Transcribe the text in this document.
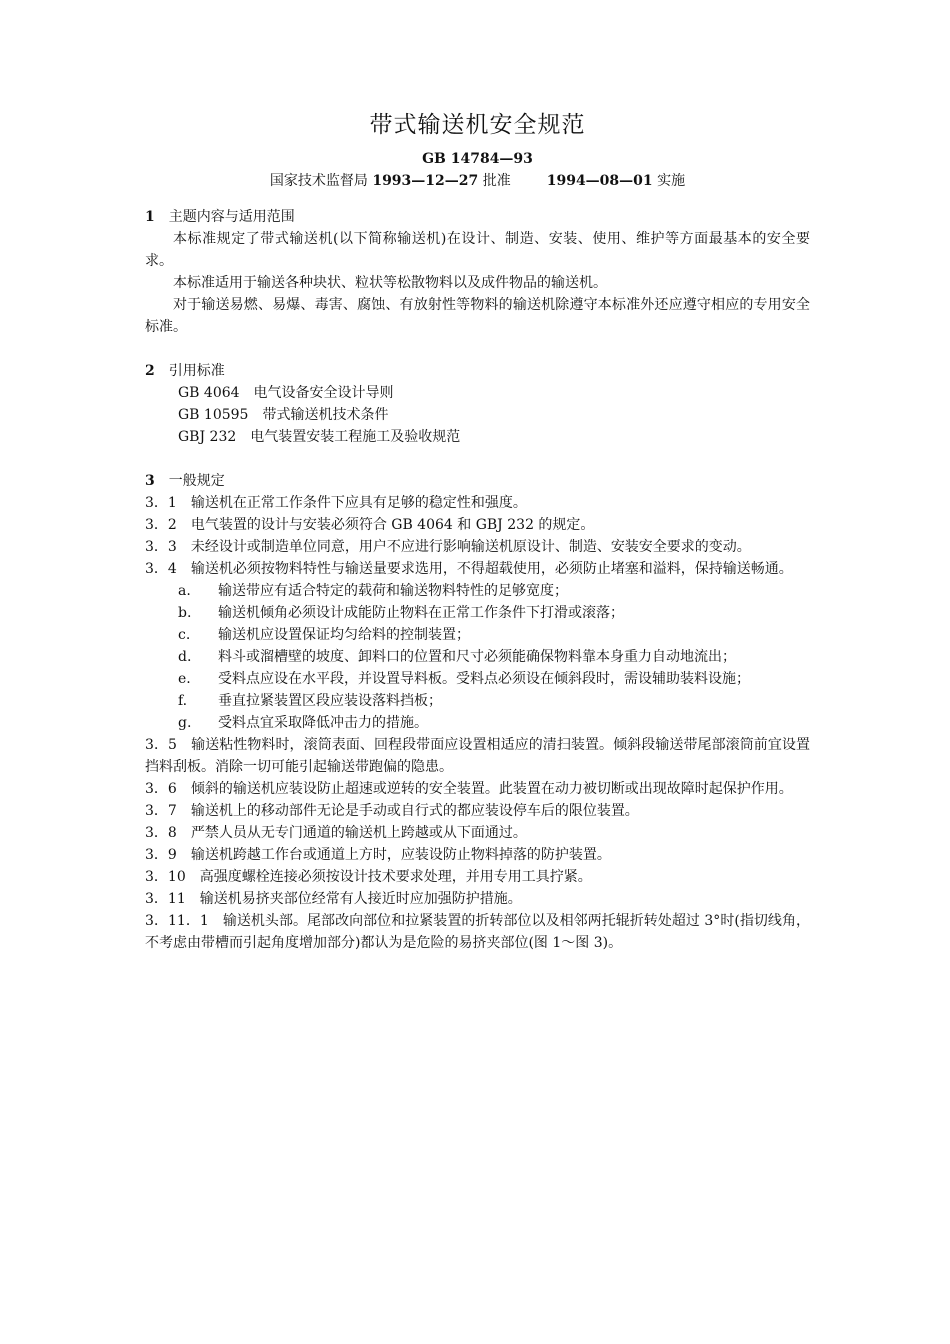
带式输送机安全规范

GB 14784—93

国家技术监督局 1993—12—27 批准	1994—08—01 实施

1　 主题内容与适用范围

本标准规定了带式输送机(以下简称输送机)在设计、制造、安装、使用、维护等方面最基本的安全要求。

本标准适用于输送各种块状、粒状等松散物料以及成件物品的输送机。

对于输送易燃、易爆、毒害、腐蚀、有放射性等物料的输送机除遵守本标准外还应遵守相应的专用安全标准。

2　 引用标准

GB 4064　电气设备安全设计导则

GB 10595　带式输送机技术条件

GBJ 232　电气装置安装工程施工及验收规范

3　 一般规定

3．1　输送机在正常工作条件下应具有足够的稳定性和强度。

3．2　电气装置的设计与安装必须符合 GB 4064 和 GBJ 232 的规定。

3．3　未经设计或制造单位同意，用户不应进行影响输送机原设计、制造、安装安全要求的变动。

3．4　输送机必须按物料特性与输送量要求选用，不得超载使用，必须防止堵塞和溢料，保持输送畅通。

a. 输送带应有适合特定的载荷和输送物料特性的足够宽度；

b. 输送机倾角必须设计成能防止物料在正常工作条件下打滑或滚落；

c. 输送机应设置保证均匀给料的控制装置；

d. 料斗或溜槽壁的坡度、卸料口的位置和尺寸必须能确保物料靠本身重力自动地流出；

e. 受料点应设在水平段，并设置导料板。受料点必须设在倾斜段时，需设辅助装料设施；

f. 垂直拉紧装置区段应装设落料挡板；

g. 受料点宜采取降低冲击力的措施。

3．5　输送粘性物料时，滚筒表面、回程段带面应设置相适应的清扫装置。倾斜段输送带尾部滚筒前宜设置挡料刮板。消除一切可能引起输送带跑偏的隐患。

3．6　倾斜的输送机应装设防止超速或逆转的安全装置。此装置在动力被切断或出现故障时起保护作用。

3．7　输送机上的移动部件无论是手动或自行式的都应装设停车后的限位装置。

3．8　严禁人员从无专门通道的输送机上跨越或从下面通过。

3．9　输送机跨越工作台或通道上方时，应装设防止物料掉落的防护装置。

3．10　高强度螺栓连接必须按设计技术要求处理，并用专用工具拧紧。

3．11　输送机易挤夹部位经常有人接近时应加强防护措施。

3．11．1　输送机头部。尾部改向部位和拉紧装置的折转部位以及相邻两托辊折转处超过 3°时(指切线角，不考虑由带槽而引起角度增加部分)都认为是危险的易挤夹部位(图 1～图 3)。
